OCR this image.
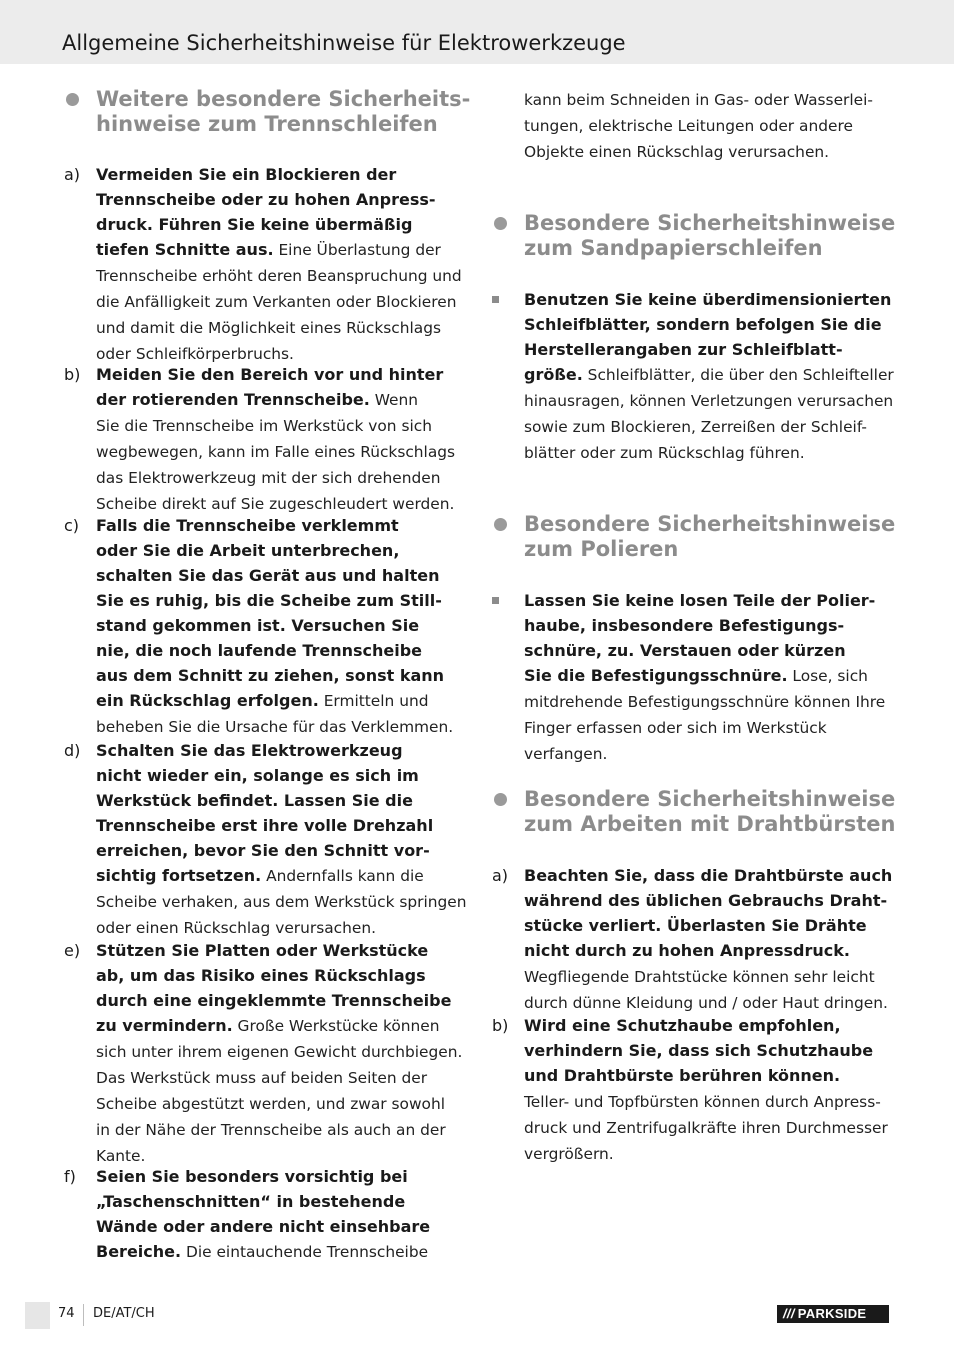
Allgemeine Sicherheitshinweise für Elektrowerkzeuge
Weitere besondere Sicherheits-
hinweise zum Trennschleifen
a) Vermeiden Sie ein Blockieren der
Trennscheibe oder zu hohen Anpress-
druck. Führen Sie keine übermäßig
tiefen Schnitte aus. Eine Überlastung der
Trennscheibe erhöht deren Beanspruchung und
die Anfälligkeit zum Verkanten oder Blockieren
und damit die Möglichkeit eines Rückschlags
oder Schleifkörperbruchs.
b) Meiden Sie den Bereich vor und hinter
der rotierenden Trennscheibe. Wenn
Sie die Trennscheibe im Werkstück von sich
wegbewegen, kann im Falle eines Rückschlags
das Elektrowerkzeug mit der sich drehenden
Scheibe direkt auf Sie zugeschleudert werden.
c) Falls die Trennscheibe verklemmt
oder Sie die Arbeit unterbrechen,
schalten Sie das Gerät aus und halten
Sie es ruhig, bis die Scheibe zum Still-
stand gekommen ist. Versuchen Sie
nie, die noch laufende Trennscheibe
aus dem Schnitt zu ziehen, sonst kann
ein Rückschlag erfolgen. Ermitteln und
beheben Sie die Ursache für das Verklemmen.
d) Schalten Sie das Elektrowerkzeug
nicht wieder ein, solange es sich im
Werkstück befindet. Lassen Sie die
Trennscheibe erst ihre volle Drehzahl
erreichen, bevor Sie den Schnitt vor-
sichtig fortsetzen. Andernfalls kann die
Scheibe verhaken, aus dem Werkstück springen
oder einen Rückschlag verursachen.
e) Stützen Sie Platten oder Werkstücke
ab, um das Risiko eines Rückschlags
durch eine eingeklemmte Trennscheibe
zu vermindern. Große Werkstücke können
sich unter ihrem eigenen Gewicht durchbiegen.
Das Werkstück muss auf beiden Seiten der
Scheibe abgestützt werden, und zwar sowohl
in der Nähe der Trennscheibe als auch an der
Kante.
f) Seien Sie besonders vorsichtig bei
„Taschenschnitten“ in bestehende
Wände oder andere nicht einsehbare
Bereiche. Die eintauchende Trennscheibe
kann beim Schneiden in Gas- oder Wasserlei-
tungen, elektrische Leitungen oder andere
Objekte einen Rückschlag verursachen.
Besondere Sicherheitshinweise
zum Sandpapierschleifen
Benutzen Sie keine überdimensionierten
Schleifblätter, sondern befolgen Sie die
Herstellerangaben zur Schleifblatt-
größe. Schleifblätter, die über den Schleifteller
hinausragen, können Verletzungen verursachen
sowie zum Blockieren, Zerreißen der Schleif-
blätter oder zum Rückschlag führen.
Besondere Sicherheitshinweise
zum Polieren
Lassen Sie keine losen Teile der Polier-
haube, insbesondere Befestigungs-
schnüre, zu. Verstauen oder kürzen
Sie die Befestigungsschnüre. Lose, sich
mitdrehende Befestigungsschnüre können Ihre
Finger erfassen oder sich im Werkstück verfangen.
Besondere Sicherheitshinweise
zum Arbeiten mit Drahtbürsten
a) Beachten Sie, dass die Drahtbürste auch
während des üblichen Gebrauchs Draht-
stücke verliert. Überlasten Sie Drähte
nicht durch zu hohen Anpressdruck.
Wegfliegende Drahtstücke können sehr leicht
durch dünne Kleidung und / oder Haut dringen.
b) Wird eine Schutzhaube empfohlen,
verhindern Sie, dass sich Schutzhaube
und Drahtbürste berühren können.
Teller- und Topfbürsten können durch Anpress-
druck und Zentrifugalkräfte ihren Durchmesser
vergrößern.
74 DE/AT/CH	/// PARKSIDE
